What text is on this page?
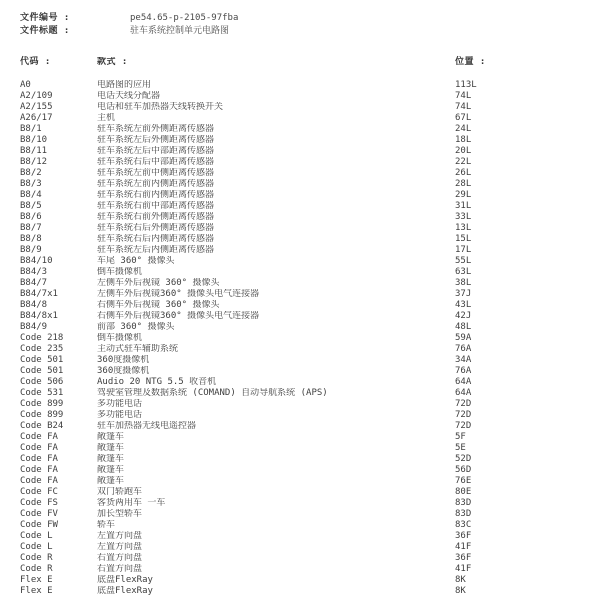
文件编号 :	pe54.65-p-2105-97fba
文件标题 :	驻车系统控制单元电路图
代码 :	款式 :	位置 :
A0	电路图的应用	113L
A2/109	电话天线分配器	74L
A2/155	电话和驻车加热器天线转换开关	74L
A26/17	主机	67L
B8/1	驻车系统左前外侧距离传感器	24L
B8/10	驻车系统左后外侧距离传感器	18L
B8/11	驻车系统左后中部距离传感器	20L
B8/12	驻车系统右后中部距离传感器	22L
B8/2	驻车系统左前中侧距离传感器	26L
B8/3	驻车系统左前内侧距离传感器	28L
B8/4	驻车系统右前内侧距离传感器	29L
B8/5	驻车系统右前中部距离传感器	31L
B8/6	驻车系统右前外侧距离传感器	33L
B8/7	驻车系统右后外侧距离传感器	13L
B8/8	驻车系统右后内侧距离传感器	15L
B8/9	驻车系统左后内侧距离传感器	17L
B84/10	车尾 360° 摄像头	55L
B84/3	倒车摄像机	63L
B84/7	左侧车外后视镜 360° 摄像头	38L
B84/7x1	左侧车外后视镜360° 摄像头电气连接器	37J
B84/8	右侧车外后视镜 360° 摄像头	43L
B84/8x1	右侧车外后视镜360° 摄像头电气连接器	42J
B84/9	前部 360° 摄像头	48L
Code 218	倒车摄像机	59A
Code 235	主动式驻车辅助系统	76A
Code 501	360度摄像机	34A
Code 501	360度摄像机	76A
Code 506	Audio 20 NTG 5.5 收音机	64A
Code 531	驾驶室管理及数据系统 (COMAND) 自动导航系统 (APS)	64A
Code 899	多功能电话	72D
Code 899	多功能电话	72D
Code B24	驻车加热器无线电遥控器	72D
Code FA	敞篷车	5F
Code FA	敞篷车	5E
Code FA	敞篷车	52D
Code FA	敞篷车	56D
Code FA	敞篷车	76E
Code FC	双门轿跑车	80E
Code FS	客货两用车 一车	83D
Code FV	加长型轿车	83D
Code FW	轿车	83C
Code L	左置方向盘	36F
Code L	左置方向盘	41F
Code R	右置方向盘	36F
Code R	右置方向盘	41F
Flex E	底盘FlexRay	8K
Flex E	底盘FlexRay	8K
